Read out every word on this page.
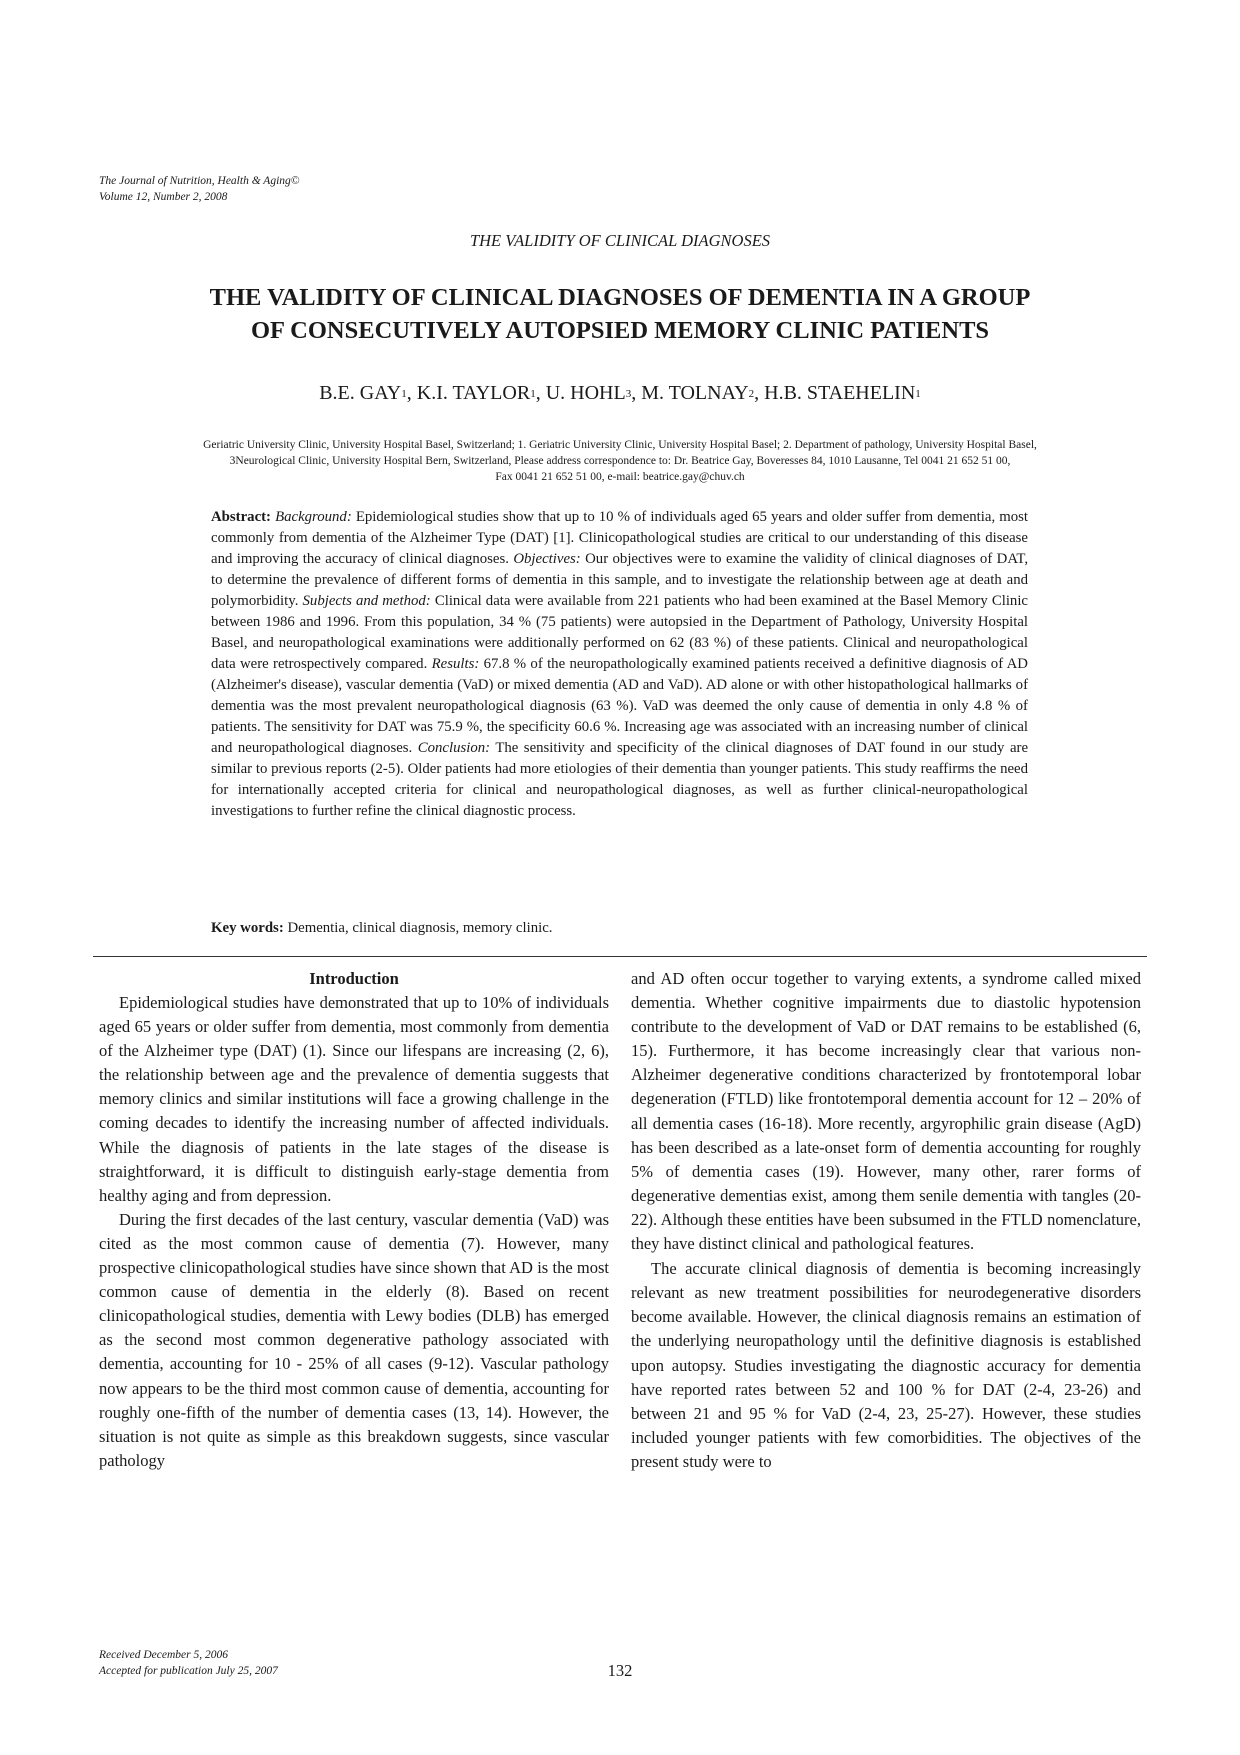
The Journal of Nutrition, Health & Aging©
Volume 12, Number 2, 2008
THE VALIDITY OF CLINICAL DIAGNOSES
THE VALIDITY OF CLINICAL DIAGNOSES OF DEMENTIA IN A GROUP
OF CONSECUTIVELY AUTOPSIED MEMORY CLINIC PATIENTS
B.E. $GAY_1$, K.I. $TAYLOR_1$, U. $HOHL_3$, M. $TOLNAY_2$, H.B. $STAEHELIN_1$
Geriatric University Clinic, University Hospital Basel, Switzerland; 1. Geriatric University Clinic, University Hospital Basel; 2. Department of pathology, University Hospital Basel,
3Neurological Clinic, University Hospital Bern, Switzerland, Please address correspondence to: Dr. Beatrice Gay, Boveresses 84, 1010 Lausanne, Tel 0041 21 652 51 00,
Fax 0041 21 652 51 00, e-mail: beatrice.gay@chuv.ch
Abstract: Background: Epidemiological studies show that up to 10 % of individuals aged 65 years and older suffer from dementia, most commonly from dementia of the Alzheimer Type (DAT) [1]. Clinicopathological studies are critical to our understanding of this disease and improving the accuracy of clinical diagnoses. Objectives: Our objectives were to examine the validity of clinical diagnoses of DAT, to determine the prevalence of different forms of dementia in this sample, and to investigate the relationship between age at death and polymorbidity. Subjects and method: Clinical data were available from 221 patients who had been examined at the Basel Memory Clinic between 1986 and 1996. From this population, 34 % (75 patients) were autopsied in the Department of Pathology, University Hospital Basel, and neuropathological examinations were additionally performed on 62 (83 %) of these patients. Clinical and neuropathological data were retrospectively compared. Results: 67.8 % of the neuropathologically examined patients received a definitive diagnosis of AD (Alzheimer's disease), vascular dementia (VaD) or mixed dementia (AD and VaD). AD alone or with other histopathological hallmarks of dementia was the most prevalent neuropathological diagnosis (63 %). VaD was deemed the only cause of dementia in only 4.8 % of patients. The sensitivity for DAT was 75.9 %, the specificity 60.6 %. Increasing age was associated with an increasing number of clinical and neuropathological diagnoses. Conclusion: The sensitivity and specificity of the clinical diagnoses of DAT found in our study are similar to previous reports (2-5). Older patients had more etiologies of their dementia than younger patients. This study reaffirms the need for internationally accepted criteria for clinical and neuropathological diagnoses, as well as further clinical-neuropathological investigations to further refine the clinical diagnostic process.
Key words: Dementia, clinical diagnosis, memory clinic.

Introduction

Epidemiological studies have demonstrated that up to 10% of individuals aged 65 years or older suffer from dementia, most commonly from dementia of the Alzheimer type (DAT) (1). Since our lifespans are increasing (2, 6), the relationship between age and the prevalence of dementia suggests that memory clinics and similar institutions will face a growing challenge in the coming decades to identify the increasing number of affected individuals. While the diagnosis of patients in the late stages of the disease is straightforward, it is difficult to distinguish early-stage dementia from healthy aging and from depression.

During the first decades of the last century, vascular dementia (VaD) was cited as the most common cause of dementia (7). However, many prospective clinicopathological studies have since shown that AD is the most common cause of dementia in the elderly (8). Based on recent clinicopathological studies, dementia with Lewy bodies (DLB) has emerged as the second most common degenerative pathology associated with dementia, accounting for 10 - 25% of all cases (9-12). Vascular pathology now appears to be the third most common cause of dementia, accounting for roughly one-fifth of the number of dementia cases (13, 14). However, the situation is not quite as simple as this breakdown suggests, since vascular pathology

and AD often occur together to varying extents, a syndrome called mixed dementia. Whether cognitive impairments due to diastolic hypotension contribute to the development of VaD or DAT remains to be established (6, 15). Furthermore, it has become increasingly clear that various non-Alzheimer degenerative conditions characterized by frontotemporal lobar degeneration (FTLD) like frontotemporal dementia account for 12 – 20% of all dementia cases (16-18). More recently, argyrophilic grain disease (AgD) has been described as a late-onset form of dementia accounting for roughly 5% of dementia cases (19). However, many other, rarer forms of degenerative dementias exist, among them senile dementia with tangles (20-22). Although these entities have been subsumed in the FTLD nomenclature, they have distinct clinical and pathological features.

The accurate clinical diagnosis of dementia is becoming increasingly relevant as new treatment possibilities for neurodegenerative disorders become available. However, the clinical diagnosis remains an estimation of the underlying neuropathology until the definitive diagnosis is established upon autopsy. Studies investigating the diagnostic accuracy for dementia have reported rates between 52 and 100 % for DAT (2-4, 23-26) and between 21 and 95 % for VaD (2-4, 23, 25-27). However, these studies included younger patients with few comorbidities. The objectives of the present study were to

Received December 5, 2006
Accepted for publication July 25, 2007	132
